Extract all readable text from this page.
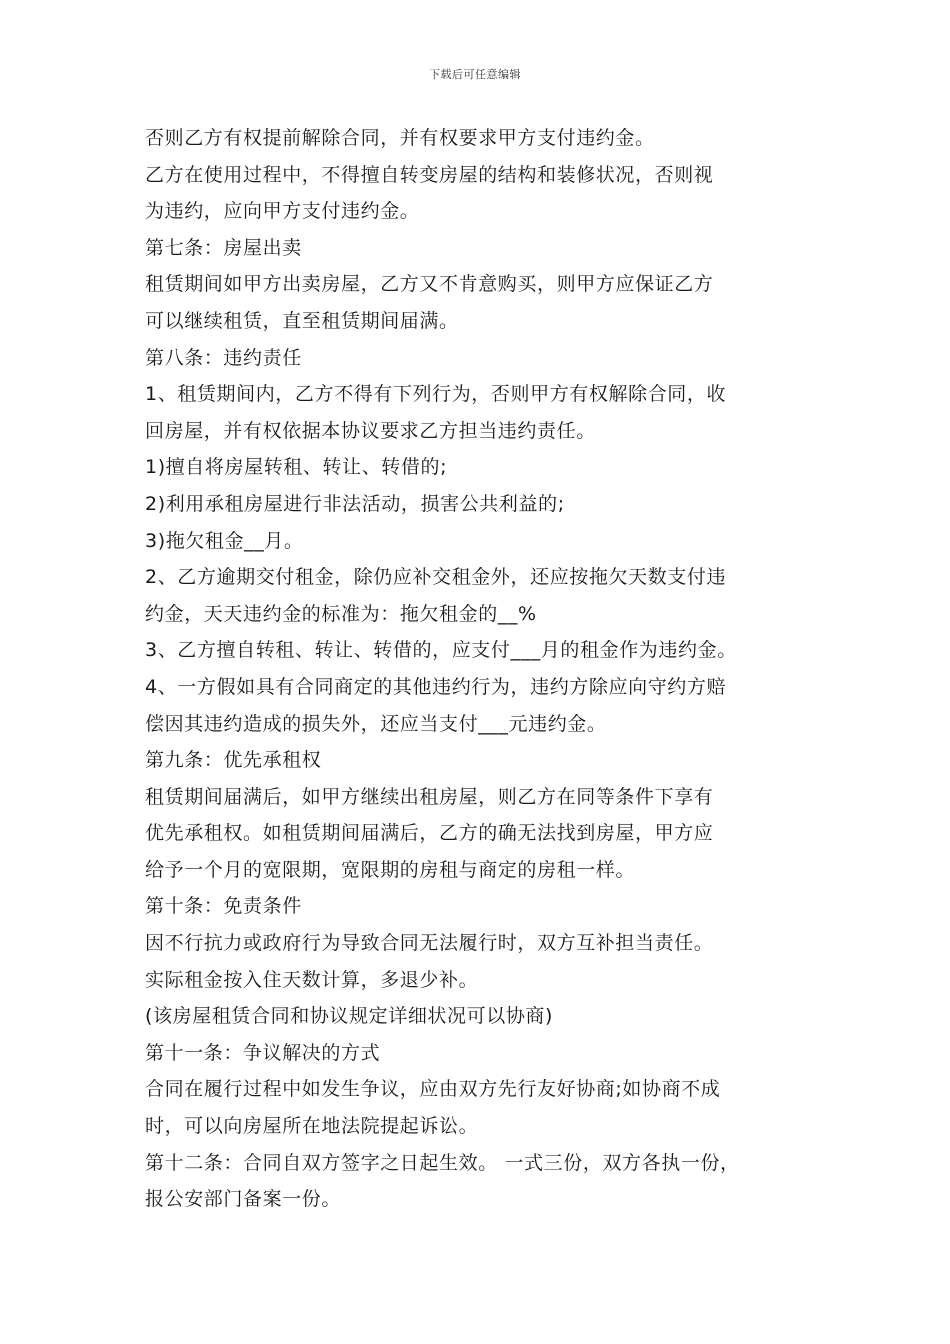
下载后可任意编辑
否则乙方有权提前解除合同，并有权要求甲方支付违约金。
乙方在使用过程中，不得擅自转变房屋的结构和装修状况，否则视
为违约，应向甲方支付违约金。
第七条：房屋出卖
租赁期间如甲方出卖房屋，乙方又不肯意购买，则甲方应保证乙方
可以继续租赁，直至租赁期间届满。
第八条：违约责任
1、租赁期间内，乙方不得有下列行为，否则甲方有权解除合同，收
回房屋，并有权依据本协议要求乙方担当违约责任。
1)擅自将房屋转租、转让、转借的;
2)利用承租房屋进行非法活动，损害公共利益的;
3)拖欠租金__月。
2、乙方逾期交付租金，除仍应补交租金外，还应按拖欠天数支付违
约金，天天违约金的标准为：拖欠租金的__%
3、乙方擅自转租、转让、转借的，应支付___月的租金作为违约金。
4、一方假如具有合同商定的其他违约行为，违约方除应向守约方赔
偿因其违约造成的损失外，还应当支付___元违约金。
第九条：优先承租权
租赁期间届满后，如甲方继续出租房屋，则乙方在同等条件下享有
优先承租权。如租赁期间届满后，乙方的确无法找到房屋，甲方应
给予一个月的宽限期，宽限期的房租与商定的房租一样。
第十条：免责条件
因不行抗力或政府行为导致合同无法履行时，双方互补担当责任。
实际租金按入住天数计算，多退少补。
(该房屋租赁合同和协议规定详细状况可以协商)
第十一条：争议解决的方式
合同在履行过程中如发生争议，应由双方先行友好协商;如协商不成
时，可以向房屋所在地法院提起诉讼。
第十二条：合同自双方签字之日起生效。 一式三份，双方各执一份，
报公安部门备案一份。
